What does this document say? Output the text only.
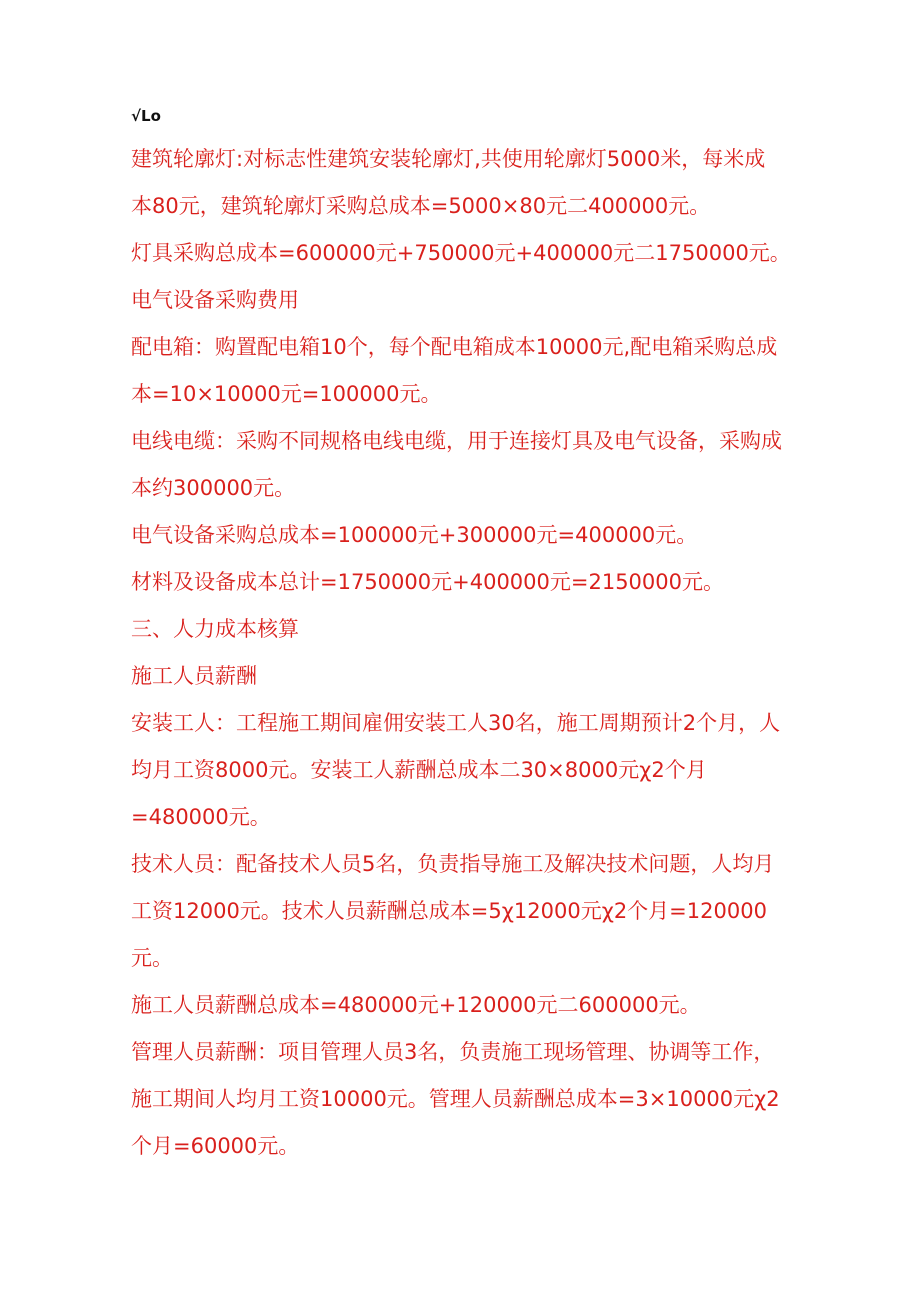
√Lo
建筑轮廓灯:对标志性建筑安装轮廓灯,共使用轮廓灯5000米，每米成
本80元，建筑轮廓灯采购总成本=5000×80元二400000元。
灯具采购总成本=600000元+750000元+400000元二1750000元。
电气设备采购费用
配电箱：购置配电箱10个，每个配电箱成本10000元,配电箱采购总成
本=10×10000元=100000元。
电线电缆：采购不同规格电线电缆，用于连接灯具及电气设备，采购成
本约300000元。
电气设备采购总成本=100000元+300000元=400000元。
材料及设备成本总计=1750000元+400000元=2150000元。
三、人力成本核算
施工人员薪酬
安装工人：工程施工期间雇佣安装工人30名，施工周期预计2个月，人
均月工资8000元。安装工人薪酬总成本二30×8000元χ2个月
=480000元。
技术人员：配备技术人员5名，负责指导施工及解决技术问题，人均月
工资12000元。技术人员薪酬总成本=5χ12000元χ2个月=120000
元。
施工人员薪酬总成本=480000元+120000元二600000元。
管理人员薪酬：项目管理人员3名，负责施工现场管理、协调等工作，
施工期间人均月工资10000元。管理人员薪酬总成本=3×10000元χ2
个月=60000元。
